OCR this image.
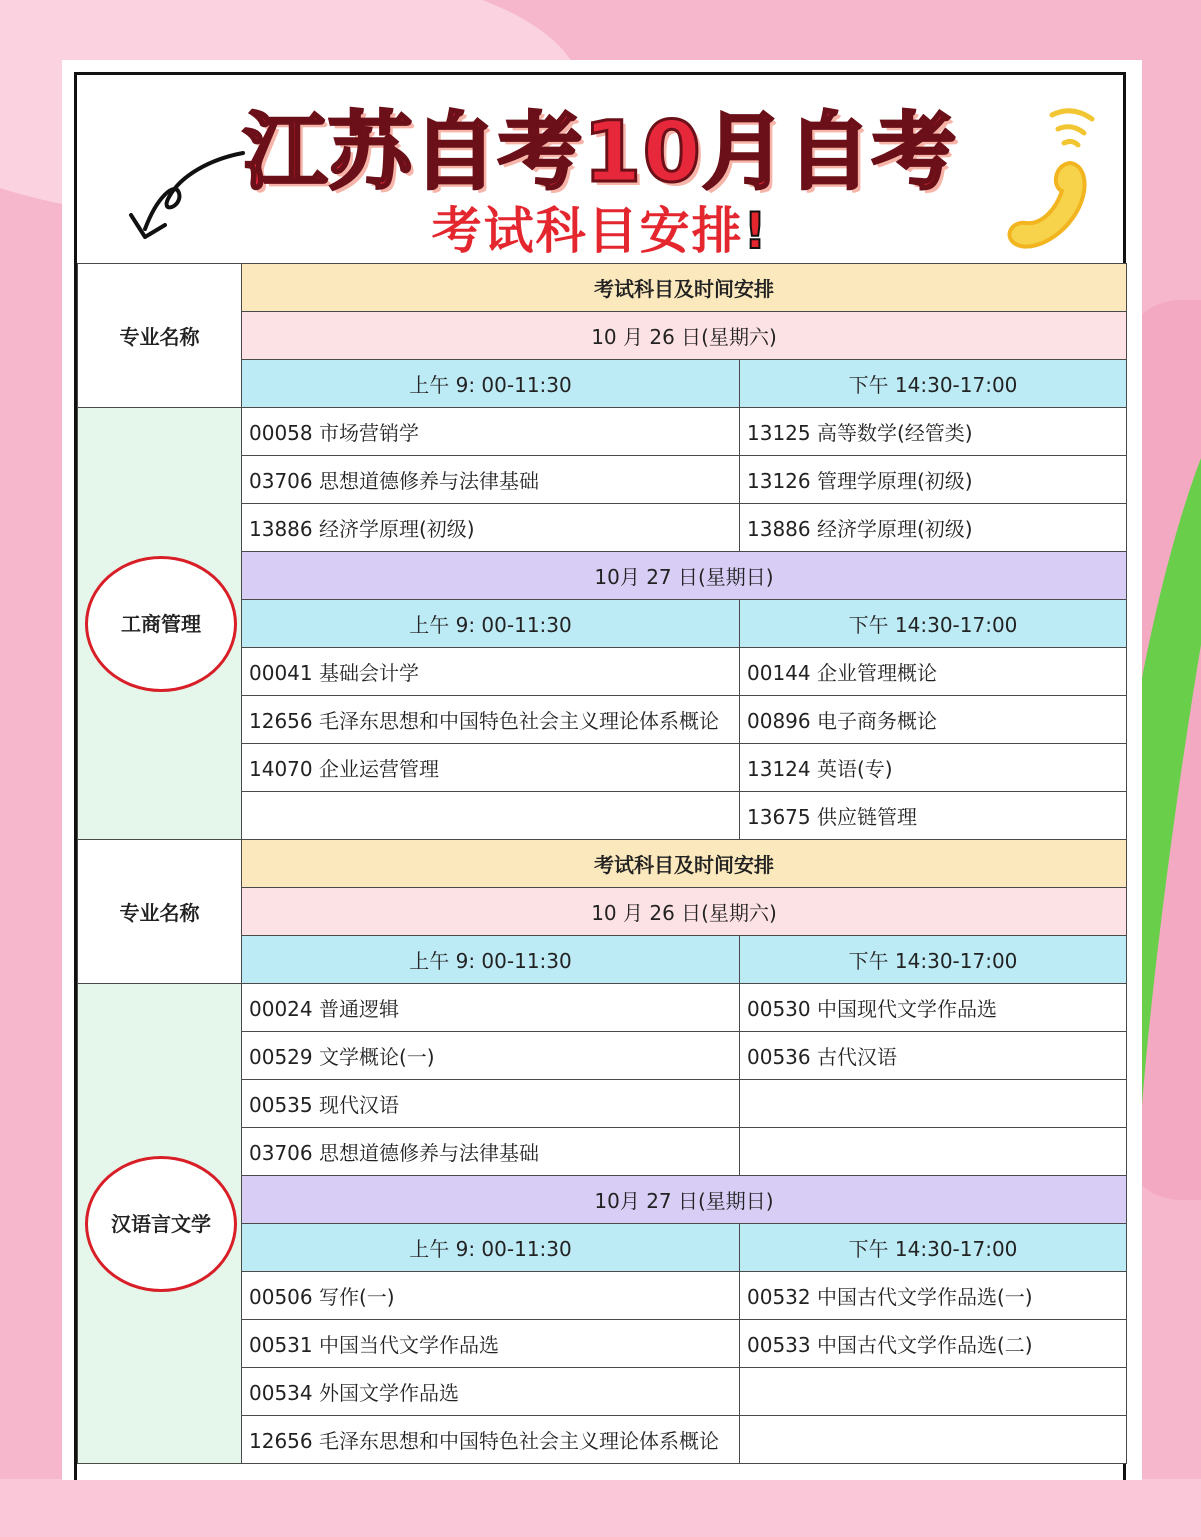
江苏自考10月自考
考试科目安排!
专业名称	考试科目及时间安排	
	10 月 26 日(星期六)	
	上午 9: 00-11:30	下午 14:30-17:00
工商管理	00058 市场营销学	13125 高等数学(经管类)
	03706 思想道德修养与法律基础	13126 管理学原理(初级)
	13886 经济学原理(初级)	13886 经济学原理(初级)
	10月 27 日(星期日)	
	上午 9: 00-11:30	下午 14:30-17:00
	00041 基础会计学	00144 企业管理概论
	12656 毛泽东思想和中国特色社会主义理论体系概论	00896 电子商务概论
	14070 企业运营管理	13124 英语(专)
		13675 供应链管理
专业名称	考试科目及时间安排	
	10 月 26 日(星期六)	
	上午 9: 00-11:30	下午 14:30-17:00
汉语言文学	00024 普通逻辑	00530 中国现代文学作品选
	00529 文学概论(一)	00536 古代汉语
	00535 现代汉语	
	03706 思想道德修养与法律基础	
	10月 27 日(星期日)	
	上午 9: 00-11:30	下午 14:30-17:00
	00506 写作(一)	00532 中国古代文学作品选(一)
	00531 中国当代文学作品选	00533 中国古代文学作品选(二)
	00534 外国文学作品选	
	12656 毛泽东思想和中国特色社会主义理论体系概论	
